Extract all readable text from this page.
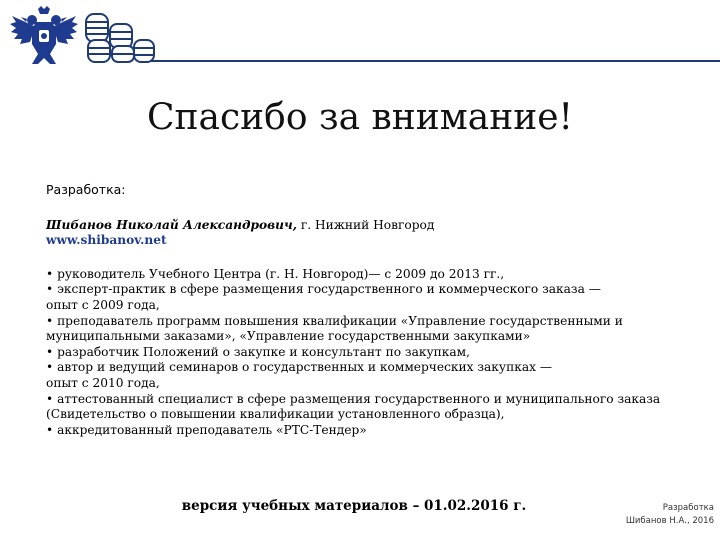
Спасибо за внимание!

Разработка:

Шибанов Николай Александрович, г. Нижний Новгород

www.shibanov.net

• руководитель Учебного Центра (г. Н. Новгород)— с 2009 до 2013 гг.,

• эксперт-практик в сфере размещения государственного и коммерческого заказа —

опыт с 2009 года,

• преподаватель программ повышения квалификации «Управление государственными и

муниципальными заказами», «Управление государственными закупками»

• разработчик Положений о закупке и консультант по закупкам,

• автор и ведущий семинаров о государственных и коммерческих закупках —

опыт с 2010 года,

• аттестованный специалист в сфере размещения государственного и муниципального заказа

(Свидетельство о повышении квалификации установленного образца),

• аккредитованный преподаватель «РТС-Тендер»

версия учебных материалов – 01.02.2016 г.	Разработка
Шибанов Н.А., 2016
